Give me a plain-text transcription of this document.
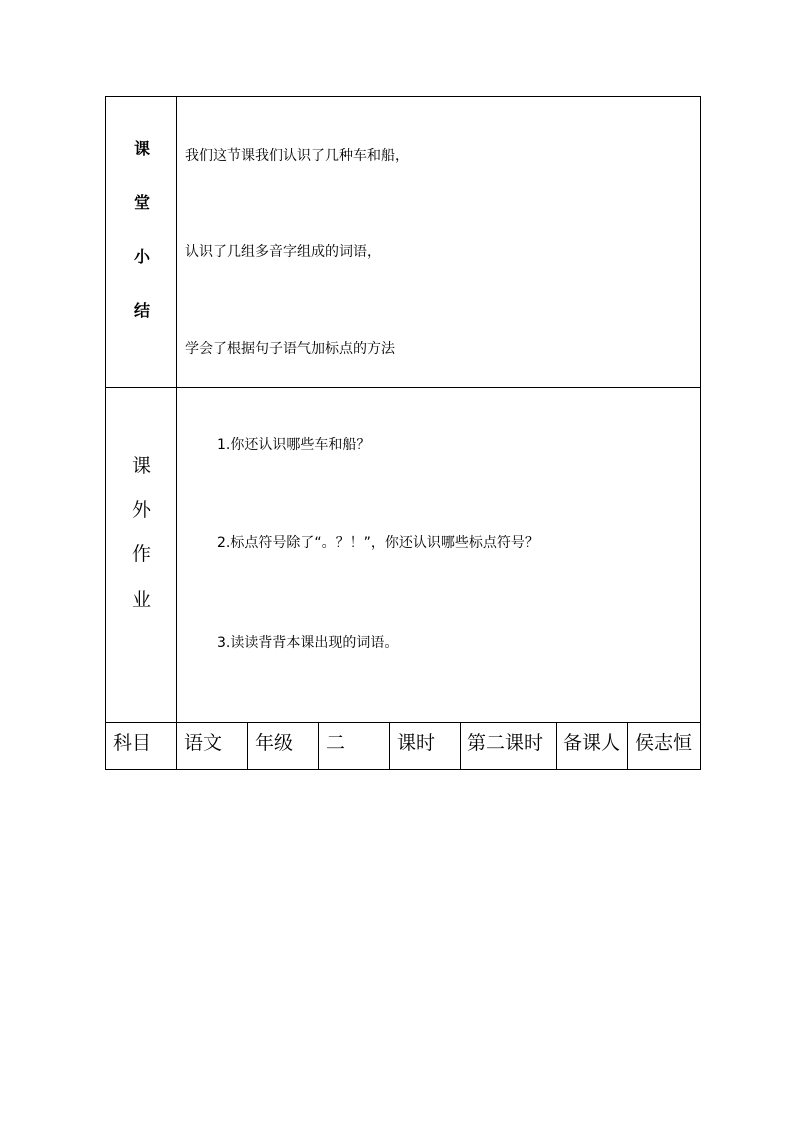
课
堂
小
结
我们这节课我们认识了几种车和船，
认识了几组多音字组成的词语，
学会了根据句子语气加标点的方法
课
外
作
业
1.你还认识哪些车和船？
2.标点符号除了“。？！”，你还认识哪些标点符号？
3.读读背背本课出现的词语。
科目 语文 年级 二	课时 第二课时 备课人 侯志恒
